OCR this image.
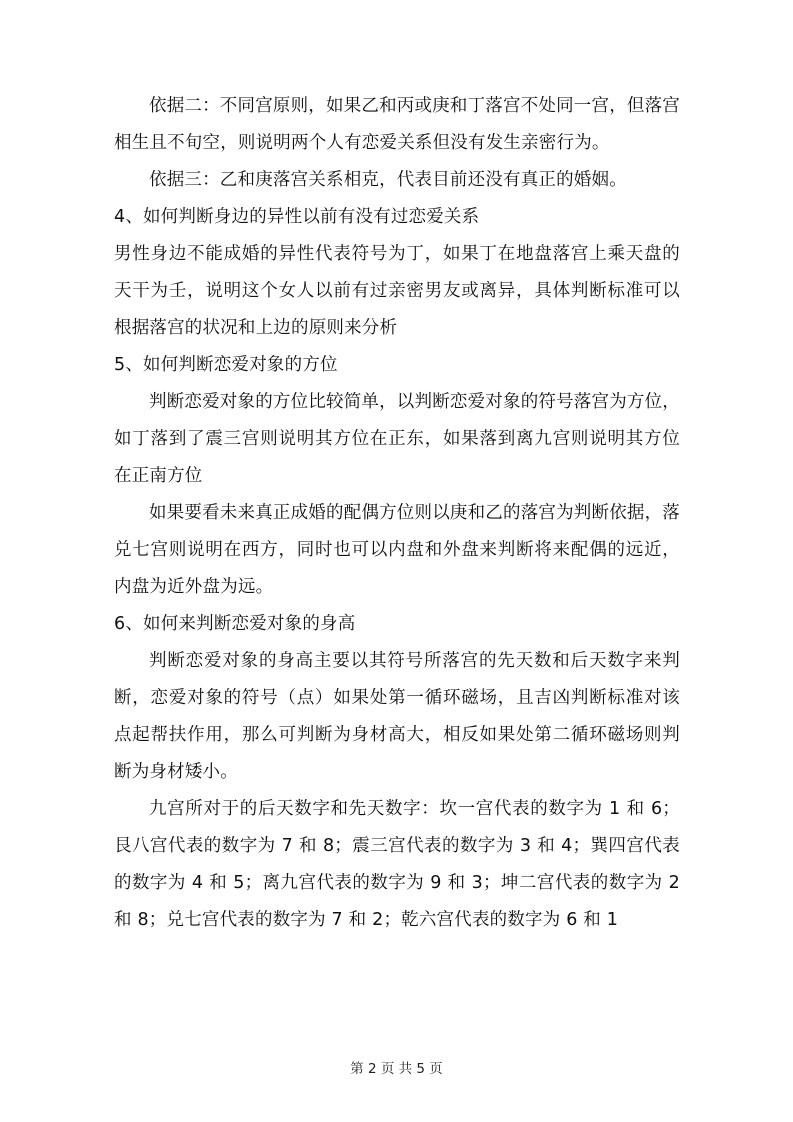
依据二：不同宫原则，如果乙和丙或庚和丁落宫不处同一宫，但落宫相生且不旬空，则说明两个人有恋爱关系但没有发生亲密行为。

依据三：乙和庚落宫关系相克，代表目前还没有真正的婚姻。

4、如何判断身边的异性以前有没有过恋爱关系

男性身边不能成婚的异性代表符号为丁，如果丁在地盘落宫上乘天盘的天干为壬，说明这个女人以前有过亲密男友或离异，具体判断标准可以根据落宫的状况和上边的原则来分析

5、如何判断恋爱对象的方位

判断恋爱对象的方位比较简单，以判断恋爱对象的符号落宫为方位，如丁落到了震三宫则说明其方位在正东，如果落到离九宫则说明其方位在正南方位

如果要看未来真正成婚的配偶方位则以庚和乙的落宫为判断依据，落兑七宫则说明在西方，同时也可以内盘和外盘来判断将来配偶的远近，内盘为近外盘为远。

6、如何来判断恋爱对象的身高

判断恋爱对象的身高主要以其符号所落宫的先天数和后天数字来判断，恋爱对象的符号（点）如果处第一循环磁场，且吉凶判断标准对该点起帮扶作用，那么可判断为身材高大，相反如果处第二循环磁场则判断为身材矮小。

九宫所对于的后天数字和先天数字：坎一宫代表的数字为 1 和 6；艮八宫代表的数字为 7 和 8；震三宫代表的数字为 3 和 4；巽四宫代表的数字为 4 和 5；离九宫代表的数字为 9 和 3；坤二宫代表的数字为 2 和 8；兑七宫代表的数字为 7 和 2；乾六宫代表的数字为 6 和 1

第 2 页 共 5 页
